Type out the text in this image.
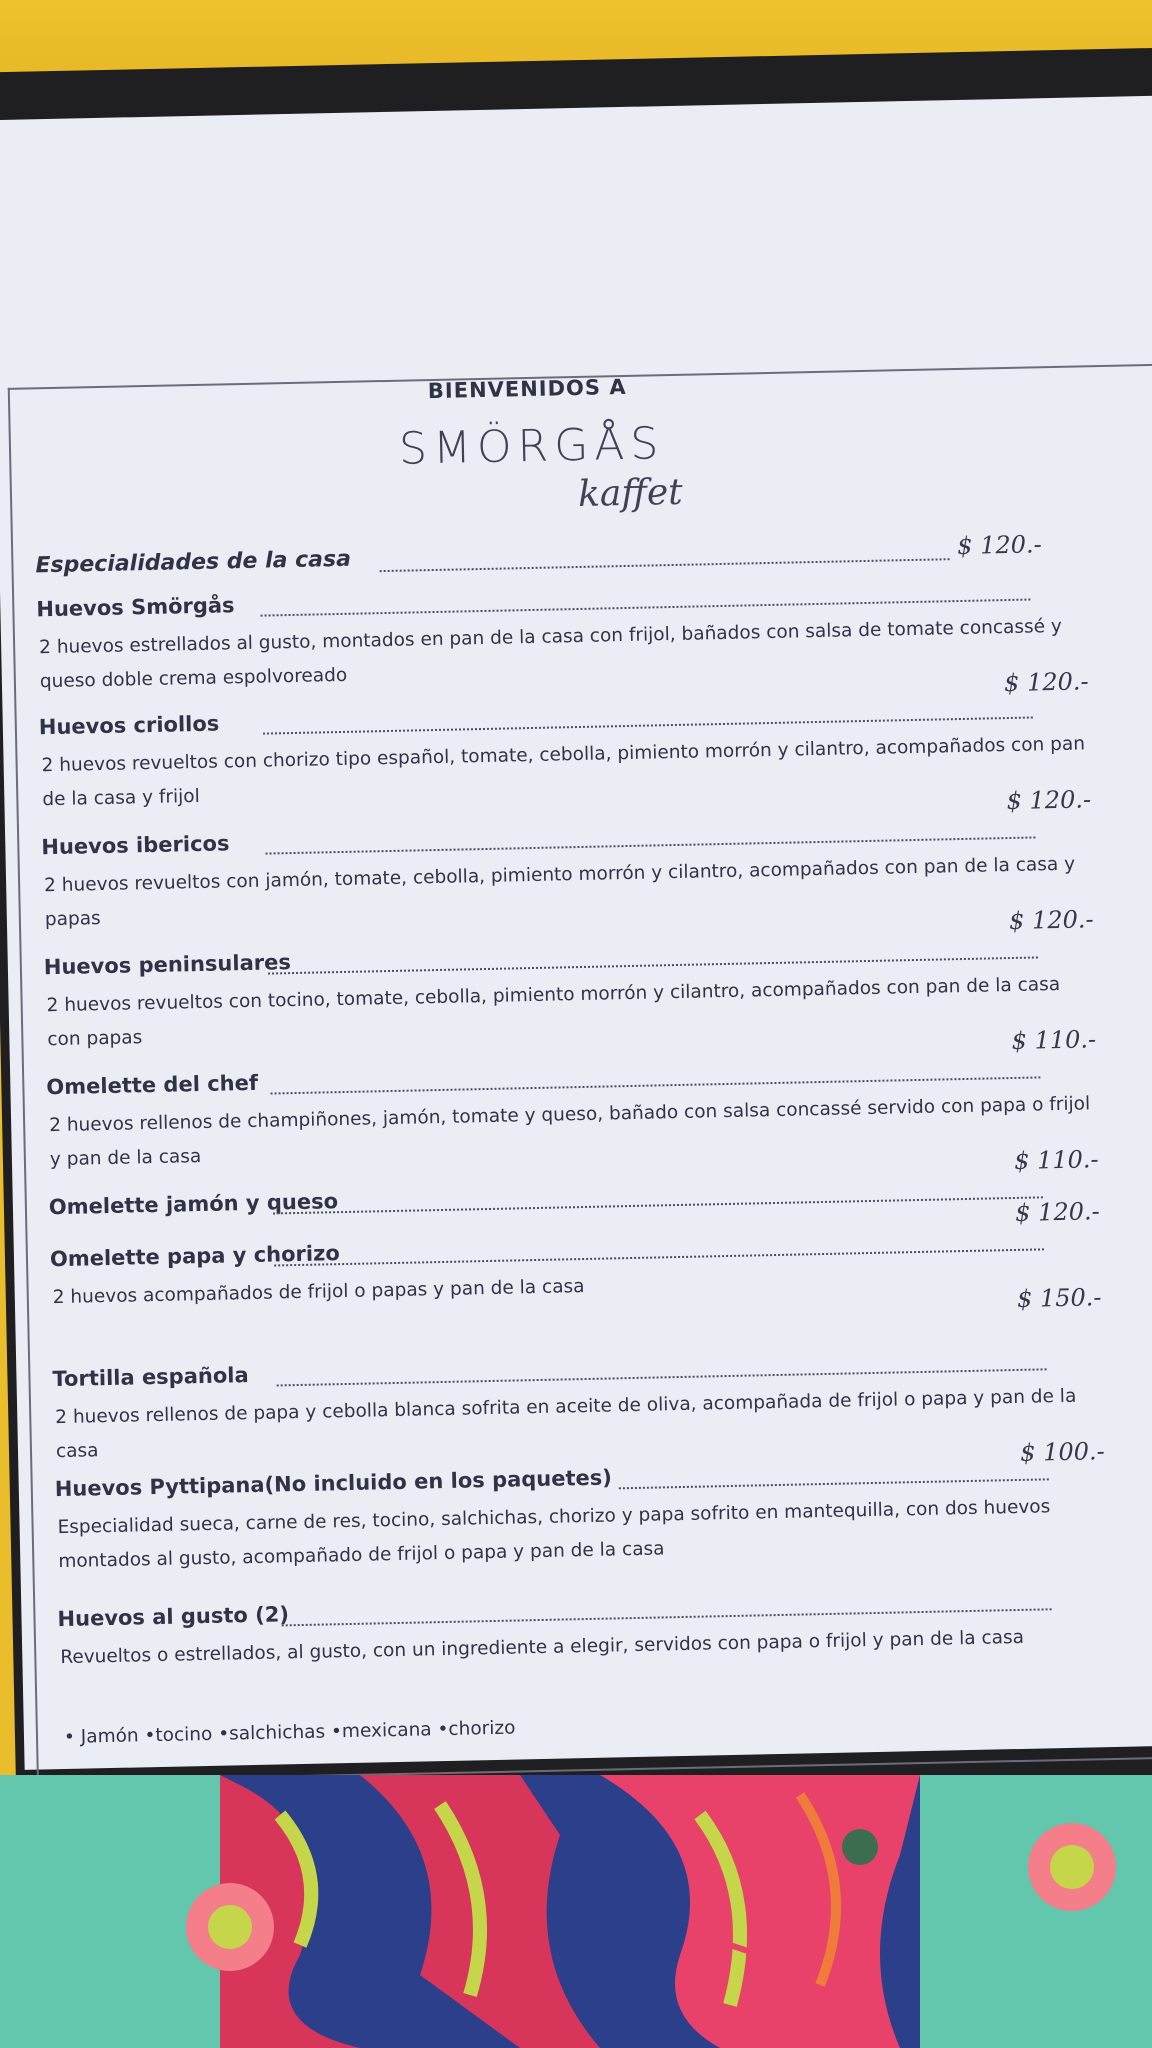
BIENVENIDOS A
SMÖRGÅS
kaffet
Especialidades de la casa
$ 120.-
Huevos Smörgås
$ 120.-
2 huevos estrellados al gusto, montados en pan de la casa con frijol, bañados con salsa de tomate concassé y
queso doble crema espolvoreado
Huevos criollos
$ 120.-
2 huevos revueltos con chorizo tipo español, tomate, cebolla, pimiento morrón y cilantro, acompañados con pan
de la casa y frijol
Huevos ibericos
$ 120.-
2 huevos revueltos con jamón, tomate, cebolla, pimiento morrón y cilantro, acompañados con pan de la casa y
papas
Huevos peninsulares
$ 110.-
2 huevos revueltos con tocino, tomate, cebolla, pimiento morrón y cilantro, acompañados con pan de la casa
con papas
Omelette del chef
$ 110.-
2 huevos rellenos de champiñones, jamón, tomate y queso, bañado con salsa concassé servido con papa o frijol
y pan de la casa
Omelette jamón y queso	$ 120.-
Omelette papa y chorizo
$ 150.-
2 huevos acompañados de frijol o papas y pan de la casa
Tortilla española
$ 100.-
2 huevos rellenos de papa y cebolla blanca sofrita en aceite de oliva, acompañada de frijol o papa y pan de la
casa
Huevos Pyttipana(No incluido en los paquetes)
Especialidad sueca, carne de res, tocino, salchichas, chorizo y papa sofrito en mantequilla, con dos huevos
montados al gusto, acompañado de frijol o papa y pan de la casa
Huevos al gusto (2)
Revueltos o estrellados, al gusto, con un ingrediente a elegir, servidos con papa o frijol y pan de la casa
• Jamón •tocino •salchichas •mexicana •chorizo
